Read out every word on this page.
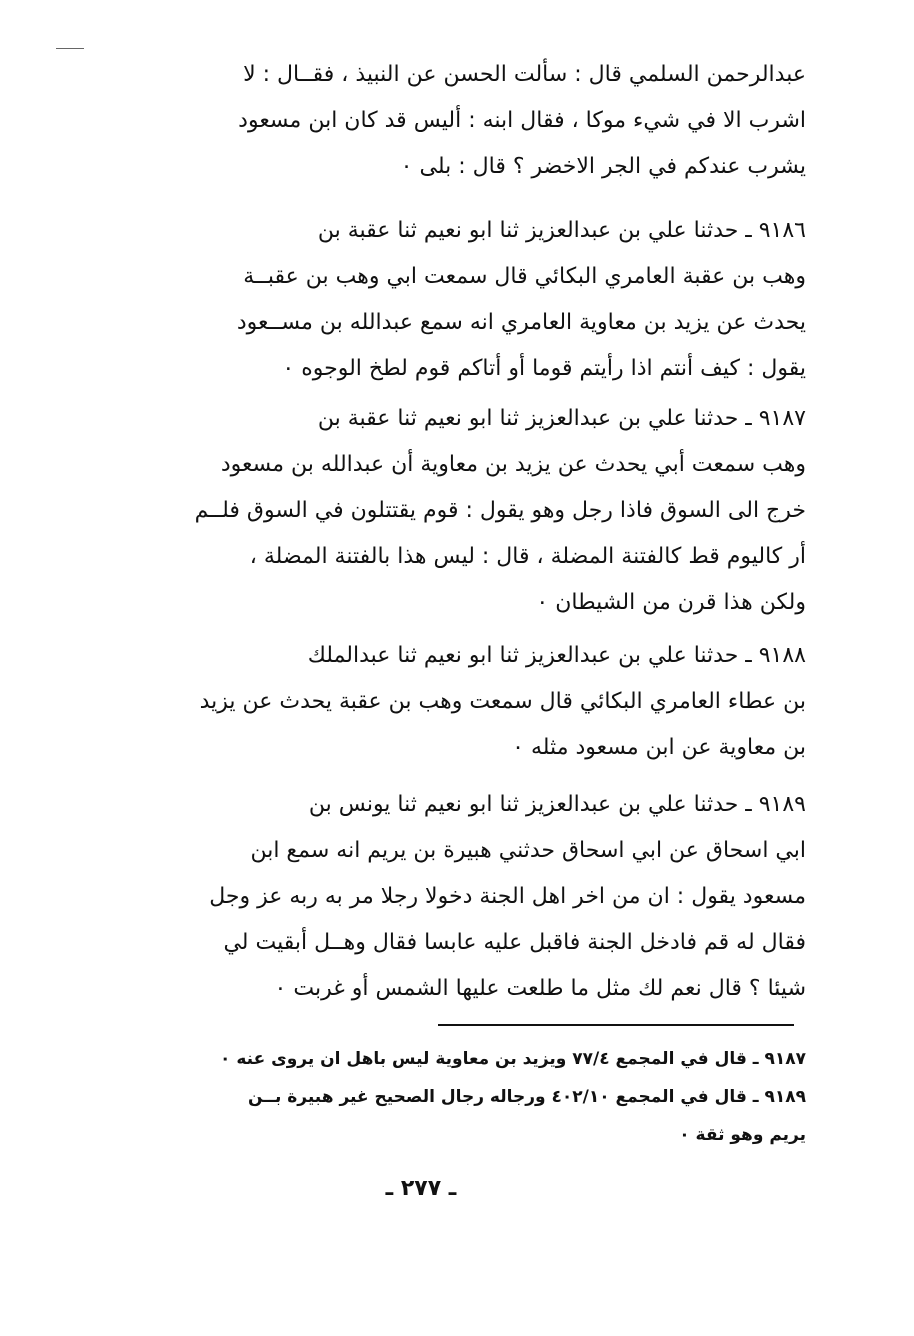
عبدالرحمن السلمي قال : سألت الحسن عن النبيذ ، فقــال : لا
اشرب الا في شيء موكا ، فقال ابنه : أليس قد كان ابن مسعود
يشرب عندكم في الجر الاخضر ؟ قال : بلى ٠
٩١٨٦ ـ حدثنا علي بن عبدالعزيز ثنا ابو نعيم ثنا عقبة بن
وهب بن عقبة العامري البكائي قال سمعت ابي وهب بن عقبــة
يحدث عن يزيد بن معاوية العامري انه سمع عبدالله بن مســعود
يقول : كيف أنتم اذا رأيتم قوما أو أتاكم قوم لطخ الوجوه ٠
٩١٨٧ ـ حدثنا علي بن عبدالعزيز ثنا ابو نعيم ثنا عقبة بن
وهب سمعت أبي يحدث عن يزيد بن معاوية أن عبدالله بن مسعود
خرج الى السوق فاذا رجل وهو يقول : قوم يقتتلون في السوق فلــم
أر كاليوم قط كالفتنة المضلة ، قال : ليس هذا بالفتنة المضلة ،
ولكن هذا قرن من الشيطان ٠
٩١٨٨ ـ حدثنا علي بن عبدالعزيز ثنا ابو نعيم ثنا عبدالملك
بن عطاء العامري البكائي قال سمعت وهب بن عقبة يحدث عن يزيد
بن معاوية عن ابن مسعود مثله ٠
٩١٨٩ ـ حدثنا علي بن عبدالعزيز ثنا ابو نعيم ثنا يونس بن
ابي اسحاق عن ابي اسحاق حدثني هبيرة بن يريم انه سمع ابن
مسعود يقول : ان من اخر اهل الجنة دخولا رجلا مر به ربه عز وجل
فقال له قم فادخل الجنة فاقبل عليه عابسا فقال وهــل أبقيت لي
شيئا ؟ قال نعم لك مثل ما طلعت عليها الشمس أو غربت ٠
٩١٨٧ ـ قال في المجمع ٧٧/٤ ويزيد بن معاوية ليس باهل ان يروى عنه ٠
٩١٨٩ ـ قال في المجمع ٤٠٢/١٠ ورجاله رجال الصحيح غير هبيرة بــن
يريم وهو ثقة ٠
ـ ٢٧٧ ـ
